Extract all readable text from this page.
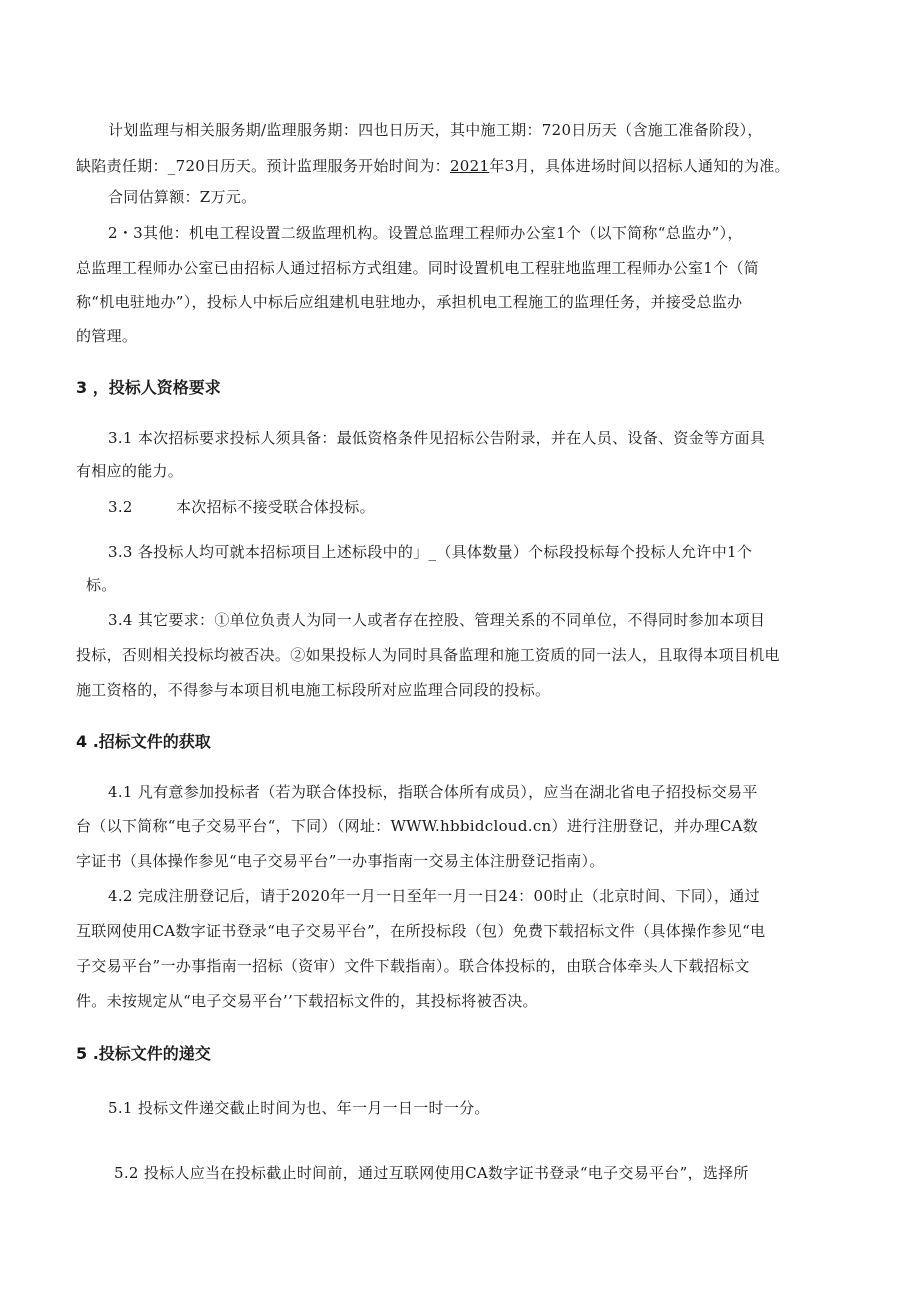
计划监理与相关服务期/监理服务期：四也日历天，其中施工期：720日历天（含施工准备阶段），
缺陷责任期：_720日历天。预计监理服务开始时间为：2021年3月，具体进场时间以招标人通知的为准。
合同估算额：Z万元。
2・3其他：机电工程设置二级监理机构。设置总监理工程师办公室1个（以下简称“总监办”），
总监理工程师办公室已由招标人通过招标方式组建。同时设置机电工程驻地监理工程师办公室1个（简
称“机电驻地办”），投标人中标后应组建机电驻地办，承担机电工程施工的监理任务，并接受总监办
的管理。
3 ，投标人资格要求
3.1 本次招标要求投标人须具备：最低资格条件见招标公告附录，并在人员、设备、资金等方面具
有相应的能力。
3.2	本次招标不接受联合体投标。
3.3 各投标人均可就本招标项目上述标段中的」_（具体数量）个标段投标每个投标人允许中1个
标。
3.4 其它要求：①单位负责人为同一人或者存在控股、管理关系的不同单位，不得同时参加本项目
投标，否则相关投标均被否决。②如果投标人为同时具备监理和施工资质的同一法人，且取得本项目机电
施工资格的，不得参与本项目机电施工标段所对应监理合同段的投标。
4 .招标文件的获取
4.1 凡有意参加投标者（若为联合体投标，指联合体所有成员），应当在湖北省电子招投标交易平
台（以下简称“电子交易平台“，下同）（网址：WWW.hbbidcloud.cn）进行注册登记，并办理CA数
字证书（具体操作参见“电子交易平台”一办事指南一交易主体注册登记指南）。
4.2 完成注册登记后，请于2020年一月一日至年一月一日24：00时止（北京时间、下同），通过
互联网使用CA数字证书登录“电子交易平台”，在所投标段（包）免费下载招标文件（具体操作参见“电
子交易平台”一办事指南一招标（资审）文件下载指南）。联合体投标的，由联合体牵头人下载招标文
件。未按规定从“电子交易平台’’下载招标文件的，其投标将被否决。
5 .投标文件的递交
5.1 投标文件递交截止时间为也、年一月一日一时一分。
5.2 投标人应当在投标截止时间前，通过互联网使用CA数字证书登录“电子交易平台”，选择所
